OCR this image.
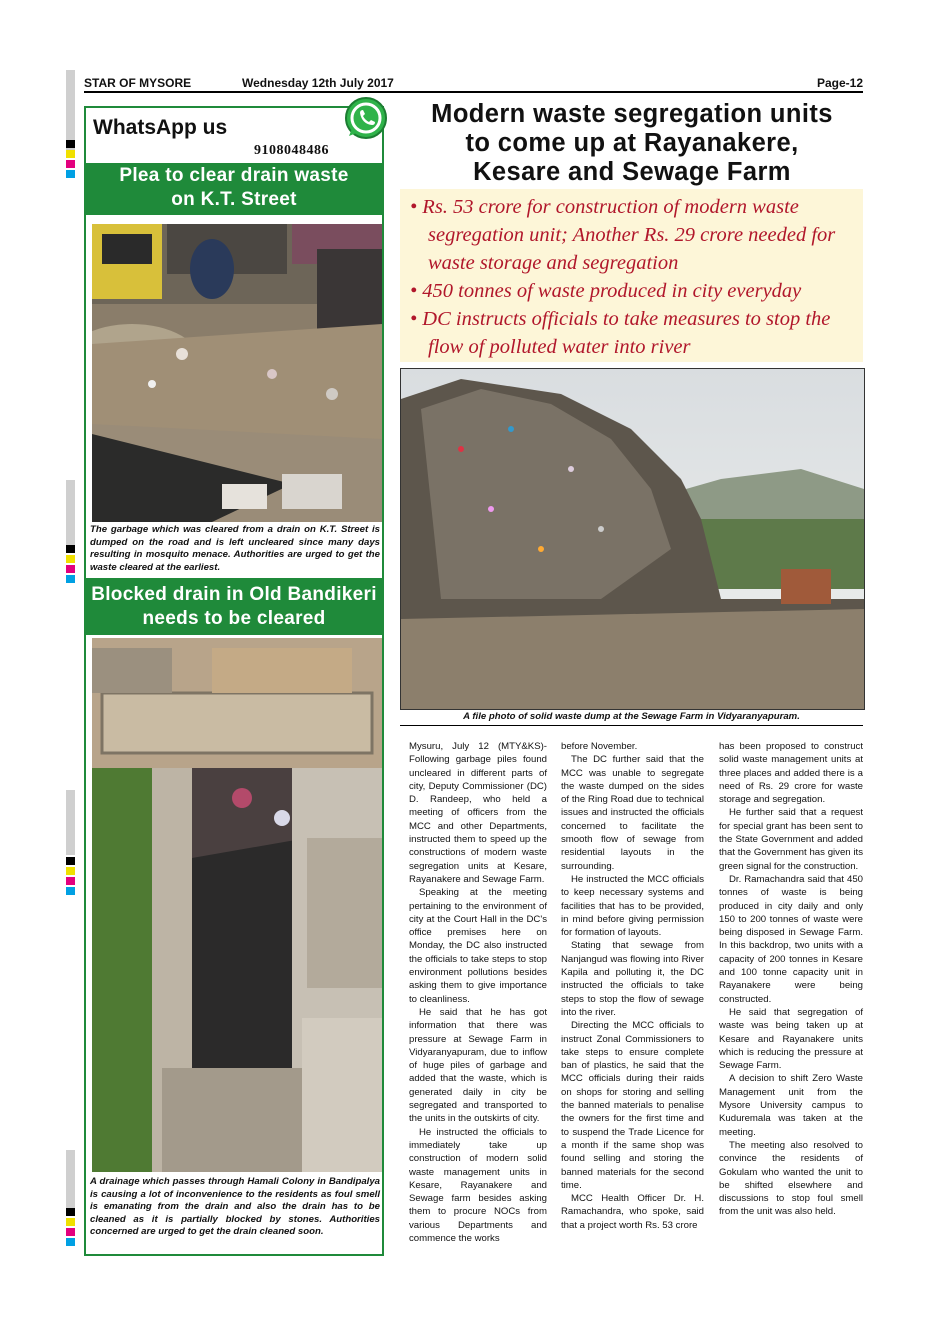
STAR OF MYSORE	Wednesday 12th July 2017	Page-12
WhatsApp us
9108048486
Plea to clear drain waste
on K.T. Street
The garbage which was cleared from a drain on K.T. Street is dumped on the road and is left uncleared since many days resulting in mosquito menace. Authorities are urged to get the waste cleared at the earliest.
Blocked drain in Old Bandikeri
needs to be cleared
A drainage which passes through Hamali Colony in Bandipalya is causing a lot of inconvenience to the residents as foul smell is emanating from the drain and also the drain has to be cleaned as it is partially blocked by stones. Authorities concerned are urged to get the drain cleaned soon.
Modern waste segregation units
to come up at Rayanakere,
Kesare and Sewage Farm
• Rs. 53 crore for construction of modern waste segregation unit; Another Rs. 29 crore needed for waste storage and segregation
• 450 tonnes of waste produced in city everyday
• DC instructs officials to take measures to stop the flow of polluted water into river
A file photo of solid waste dump at the Sewage Farm in Vidyaranyapuram.

Mysuru, July 12 (MTY&KS)- Following garbage piles found uncleared in different parts of city, Deputy Commissioner (DC) D. Randeep, who held a meeting of officers from the MCC and other Departments, instructed them to speed up the constructions of modern waste segregation units at Kesare, Rayanakere and Sewage Farm.

Speaking at the meeting pertaining to the environment of city at the Court Hall in the DC's office premises here on Monday, the DC also instructed the officials to take steps to stop environment pollutions besides asking them to give importance to cleanliness.

He said that he has got information that there was pressure at Sewage Farm in Vidyaranyapuram, due to inflow of huge piles of garbage and added that the waste, which is generated daily in city be segregated and transported to the units in the outskirts of city.

He instructed the officials to immediately take up construction of modern solid waste management units in Kesare, Rayanakere and Sewage farm besides asking them to procure NOCs from various Departments and commence the works

before November.

The DC further said that the MCC was unable to segregate the waste dumped on the sides of the Ring Road due to technical issues and instructed the officials concerned to facilitate the smooth flow of sewage from residential layouts in the surrounding.

He instructed the MCC officials to keep necessary systems and facilities that has to be provided, in mind before giving permission for formation of layouts.

Stating that sewage from Nanjangud was flowing into River Kapila and polluting it, the DC instructed the officials to take steps to stop the flow of sewage into the river.

Directing the MCC officials to instruct Zonal Commissioners to take steps to ensure complete ban of plastics, he said that the MCC officials during their raids on shops for storing and selling the banned materials to penalise the owners for the first time and to suspend the Trade Licence for a month if the same shop was found selling and storing the banned materials for the second time.

MCC Health Officer Dr. H. Ramachandra, who spoke, said that a project worth Rs. 53 crore

has been proposed to construct solid waste management units at three places and added there is a need of Rs. 29 crore for waste storage and segregation.

He further said that a request for special grant has been sent to the State Government and added that the Government has given its green signal for the construction.

Dr. Ramachandra said that 450 tonnes of waste is being produced in city daily and only 150 to 200 tonnes of waste were being disposed in Sewage Farm. In this backdrop, two units with a capacity of 200 tonnes in Kesare and 100 tonne capacity unit in Rayanakere were being constructed.

He said that segregation of waste was being taken up at Kesare and Rayanakere units which is reducing the pressure at Sewage Farm.

A decision to shift Zero Waste Management unit from the Mysore University campus to Kuduremala was taken at the meeting.

The meeting also resolved to convince the residents of Gokulam who wanted the unit to be shifted elsewhere and discussions to stop foul smell from the unit was also held.
